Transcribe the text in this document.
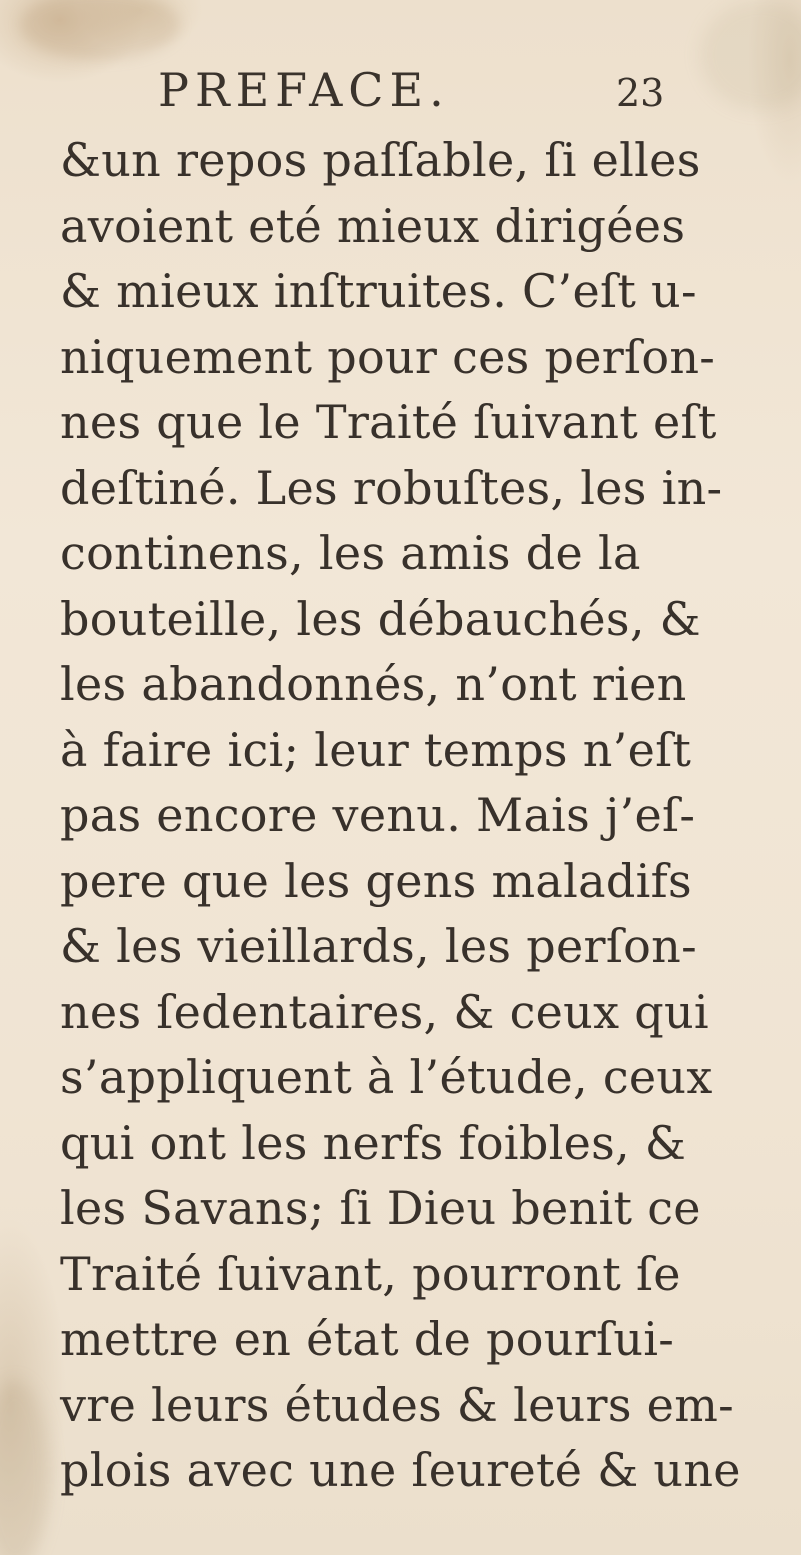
PREFACE.	23
&un repos paſſable, ſi elles
avoient eté mieux dirigées
& mieux inſtruites. C’eſt u-
niquement pour ces perſon-
nes que le Traité ſuivant eſt
deſtiné. Les robuſtes, les in-
continens, les amis de la
bouteille, les débauchés, &
les abandonnés, n’ont rien
à faire ici; leur temps n’eſt
pas encore venu. Mais j’eſ-
pere que les gens maladifs
& les vieillards, les perſon-
nes ſedentaires, & ceux qui
s’appliquent à l’étude, ceux
qui ont les nerfs foibles, &
les Savans; ſi Dieu benit ce
Traité ſuivant, pourront ſe
mettre en état de pourſui-
vre leurs études & leurs em-
plois avec une ſeureté & une
